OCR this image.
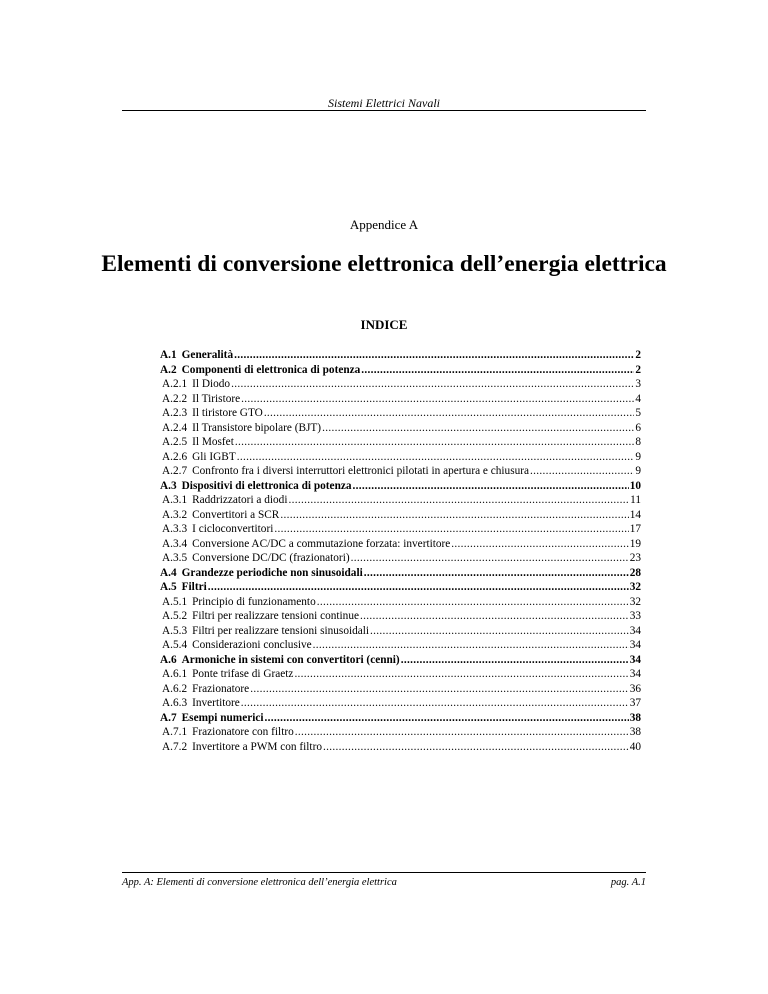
Sistemi Elettrici Navali
Appendice A
Elementi di conversione elettronica dell’energia elettrica
INDICE
A.1 Generalità .....	2
A.2 Componenti di elettronica di potenza .....	2
A.2.1 Il Diodo .....	3
A.2.2 Il Tiristore .....	4
A.2.3 Il tiristore GTO .....	5
A.2.4 Il Transistore bipolare (BJT) .....	6
A.2.5 Il Mosfet .....	8
A.2.6 Gli IGBT .....	9
A.2.7 Confronto fra i diversi interruttori elettronici pilotati in apertura e chiusura .....	9
A.3 Dispositivi di elettronica di potenza .....	10
A.3.1 Raddrizzatori a diodi .....	11
A.3.2 Convertitori a SCR .....	14
A.3.3 I cicloconvertitori .....	17
A.3.4 Conversione AC/DC a commutazione forzata: invertitore .....	19
A.3.5 Conversione DC/DC (frazionatori) .....	23
A.4 Grandezze periodiche non sinusoidali .....	28
A.5 Filtri .....	32
A.5.1 Principio di funzionamento .....	32
A.5.2 Filtri per realizzare tensioni continue .....	33
A.5.3 Filtri per realizzare tensioni sinusoidali .....	34
A.5.4 Considerazioni conclusive .....	34
A.6 Armoniche in sistemi con convertitori (cenni) .....	34
A.6.1 Ponte trifase di Graetz .....	34
A.6.2 Frazionatore .....	36
A.6.3 Invertitore .....	37
A.7 Esempi numerici .....	38
A.7.1 Frazionatore con filtro .....	38
A.7.2 Invertitore a PWM con filtro .....	40
App. A: Elementi di conversione elettronica dell’energia elettrica	pag. A.1
